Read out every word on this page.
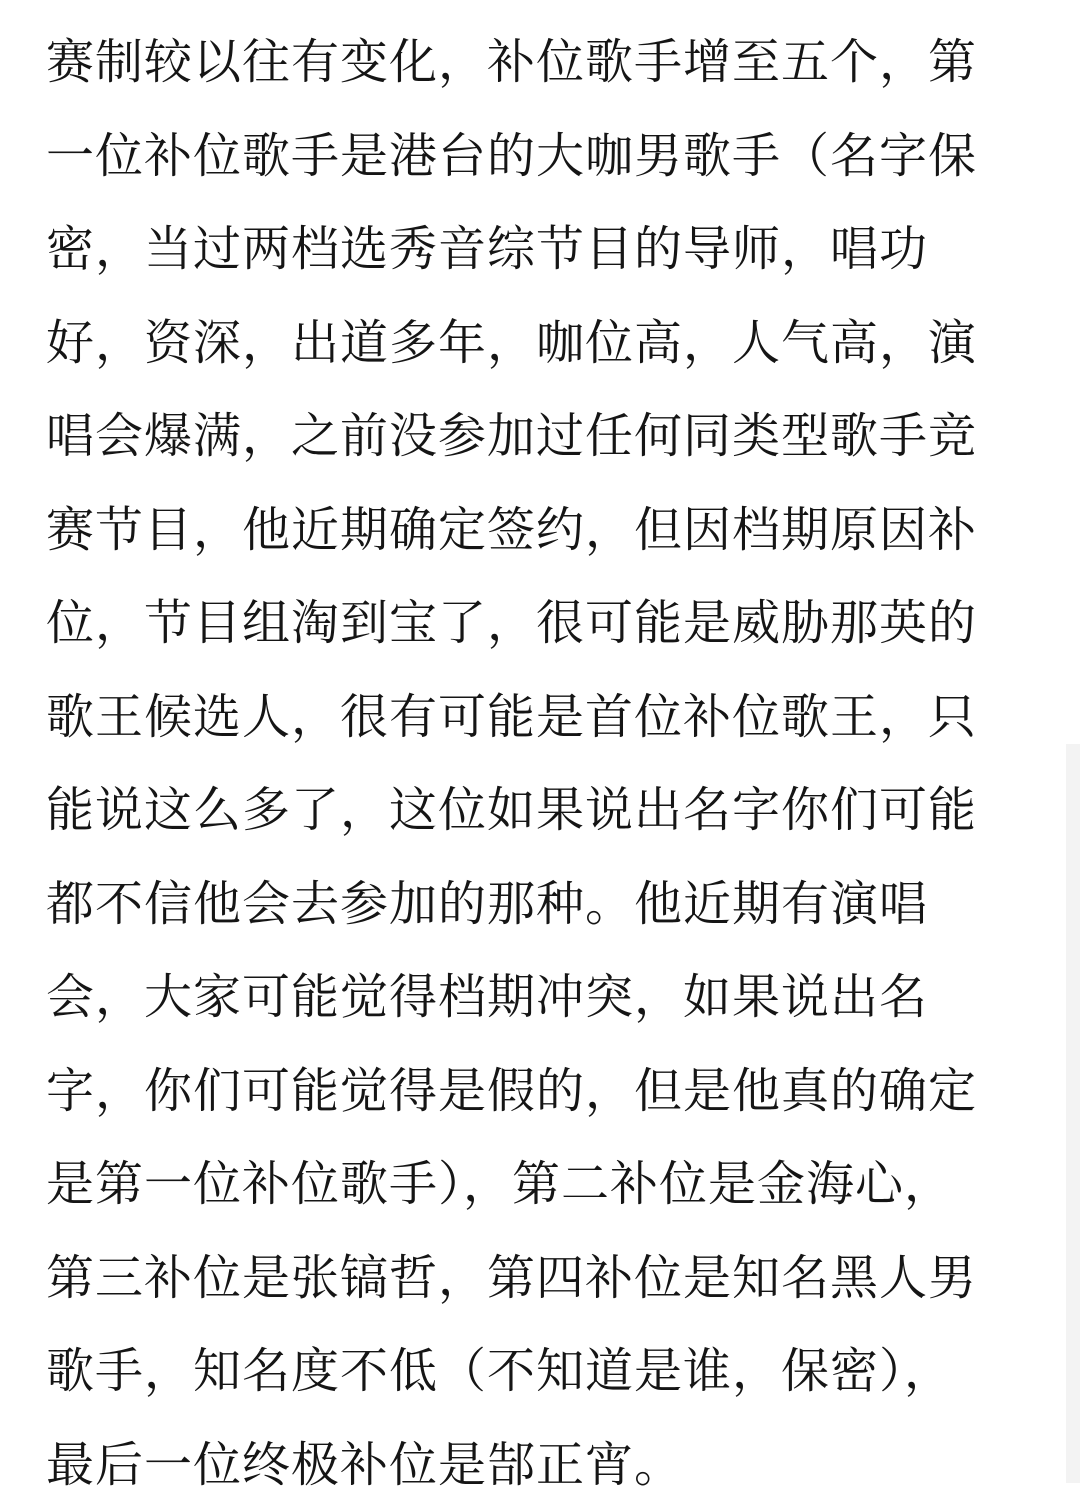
赛制较以往有变化，补位歌手增至五个，第
一位补位歌手是港台的大咖男歌手（名字保
密，当过两档选秀音综节目的导师，唱功
好，资深，出道多年，咖位高，人气高，演
唱会爆满，之前没参加过任何同类型歌手竞
赛节目，他近期确定签约，但因档期原因补
位，节目组淘到宝了，很可能是威胁那英的
歌王候选人，很有可能是首位补位歌王，只
能说这么多了，这位如果说出名字你们可能
都不信他会去参加的那种。他近期有演唱
会，大家可能觉得档期冲突，如果说出名
字，你们可能觉得是假的，但是他真的确定
是第一位补位歌手），第二补位是金海心，
第三补位是张镐哲，第四补位是知名黑人男
歌手，知名度不低（不知道是谁，保密），
最后一位终极补位是郜正宵。
